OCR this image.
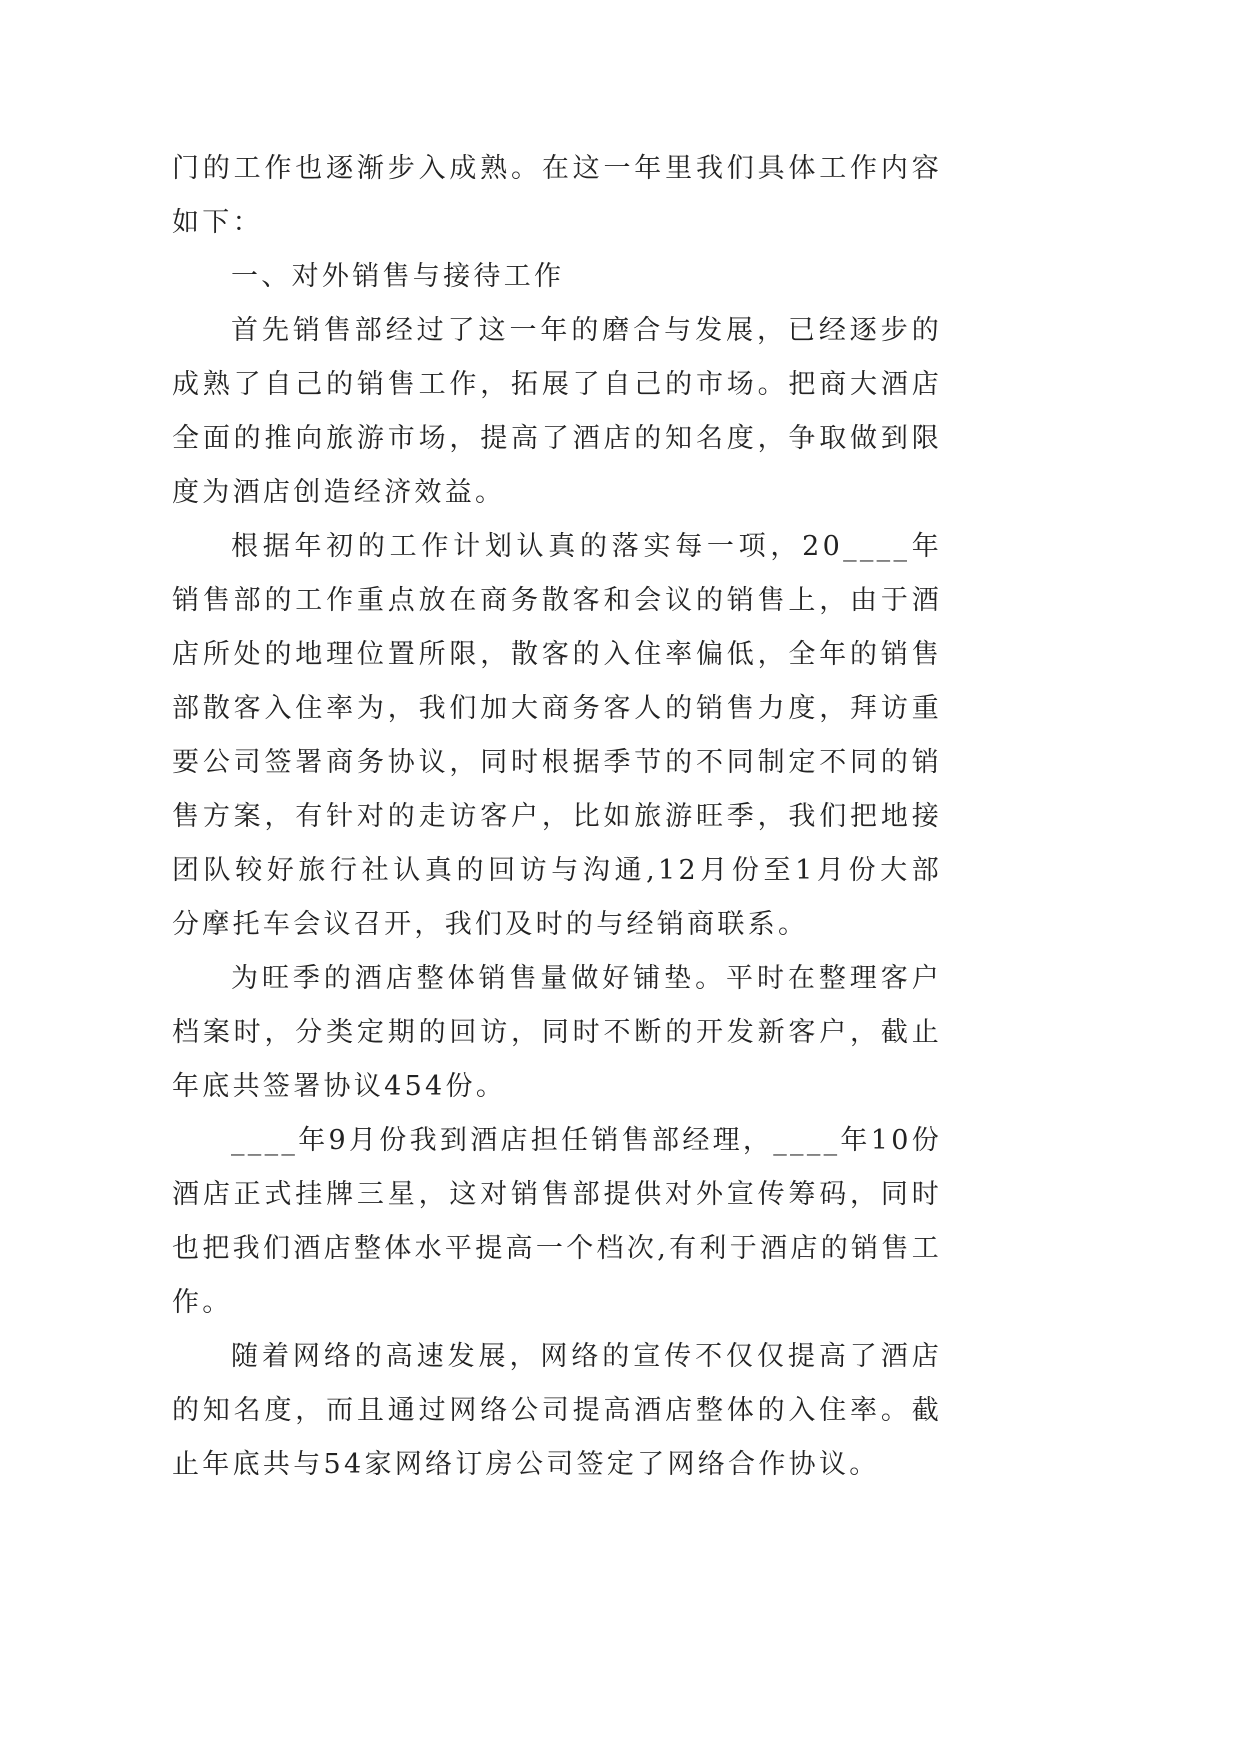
门的工作也逐渐步入成熟。在这一年里我们具体工作内容如下：

一、对外销售与接待工作

首先销售部经过了这一年的磨合与发展，已经逐步的成熟了自己的销售工作，拓展了自己的市场。把商大酒店全面的推向旅游市场，提高了酒店的知名度，争取做到限度为酒店创造经济效益。

根据年初的工作计划认真的落实每一项，20____年销售部的工作重点放在商务散客和会议的销售上，由于酒店所处的地理位置所限，散客的入住率偏低，全年的销售部散客入住率为，我们加大商务客人的销售力度，拜访重要公司签署商务协议，同时根据季节的不同制定不同的销售方案，有针对的走访客户，比如旅游旺季，我们把地接团队较好旅行社认真的回访与沟通,12月份至1月份大部分摩托车会议召开，我们及时的与经销商联系。

为旺季的酒店整体销售量做好铺垫。平时在整理客户档案时，分类定期的回访，同时不断的开发新客户，截止年底共签署协议454份。

____年9月份我到酒店担任销售部经理，____年10份酒店正式挂牌三星，这对销售部提供对外宣传筹码，同时也把我们酒店整体水平提高一个档次,有利于酒店的销售工作。

随着网络的高速发展，网络的宣传不仅仅提高了酒店的知名度，而且通过网络公司提高酒店整体的入住率。截止年底共与54家网络订房公司签定了网络合作协议。
